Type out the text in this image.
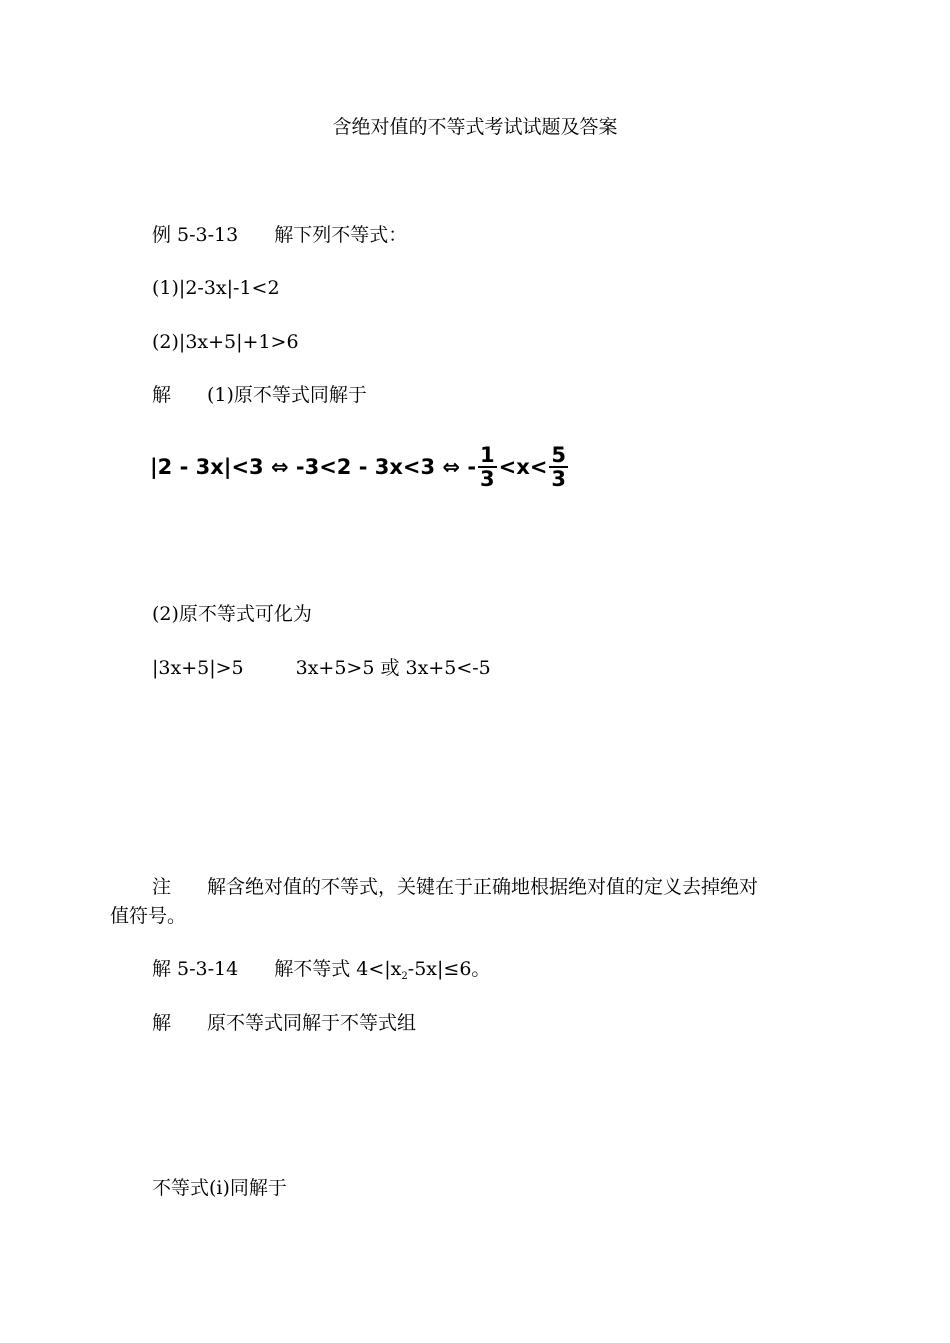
含绝对值的不等式考试试题及答案
例 5-3-13 解下列不等式：
(1)|2-3x|-1<2
(2)|3x+5|+1>6
解 (1)原不等式同解于
|2 - 3x|<3 ⇔ -3<2 - 3x<3 ⇔ - $\frac{1}{3} <x< \frac{5}{3}$
(2)原不等式可化为
|3x+5|>5	3x+5>5 或 3x+5<-5
注 解含绝对值的不等式，关键在于正确地根据绝对值的定义去掉绝对
值符号。
解 5-3-14 解不等式 $4<|x_2-5x|\le 6$。
解 原不等式同解于不等式组
不等式(i)同解于
